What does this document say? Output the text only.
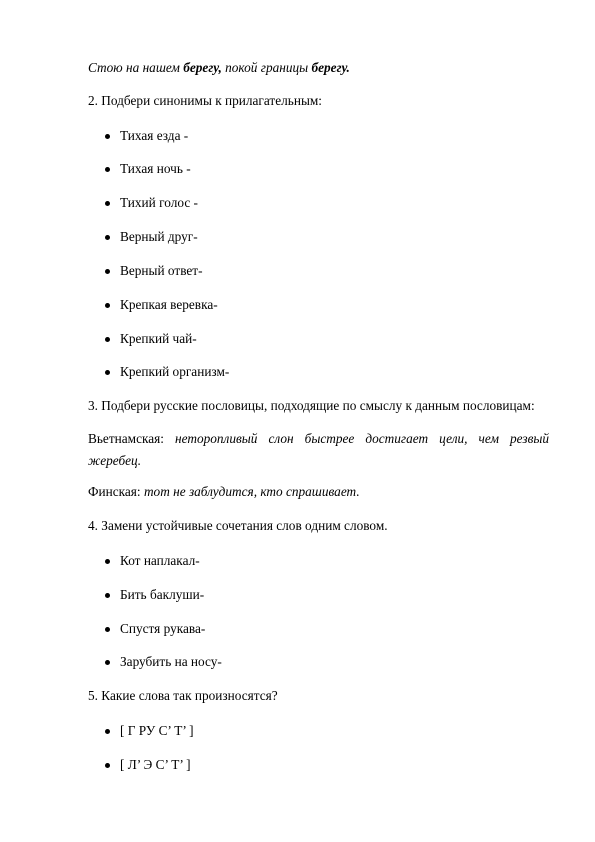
Стою на нашем берегу, покой границы берегу.
2. Подбери синонимы к прилагательным:
Тихая езда -
Тихая ночь -
Тихий голос -
Верный друг-
Верный ответ-
Крепкая веревка-
Крепкий чай-
Крепкий организм-
3. Подбери русские пословицы, подходящие по смыслу к данным пословицам:
Вьетнамская: неторопливый слон быстрее достигает цели, чем резвый жеребец.
Финская: тот не заблудится, кто спрашивает.
4. Замени устойчивые сочетания слов одним словом.
Кот наплакал-
Бить баклуши-
Спустя рукава-
Зарубить на носу-
5. Какие слова так произносятся?
[ Г РУ С’ Т’ ]
[ Л’ Э С’ Т’ ]
